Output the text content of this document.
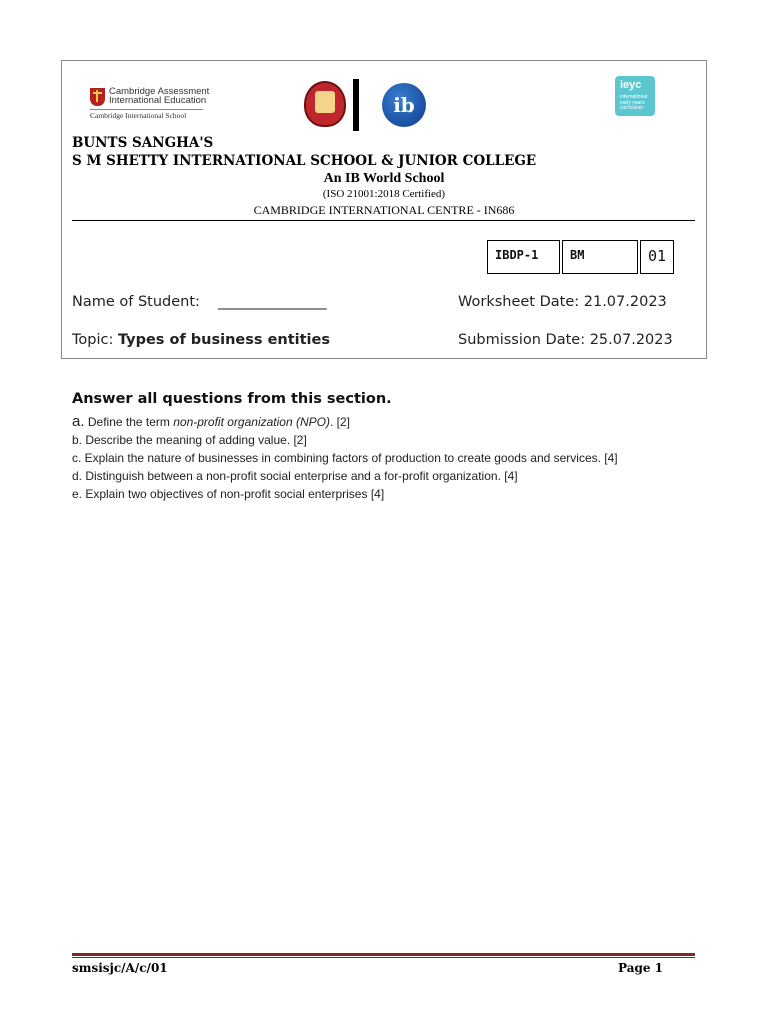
Cambridge Assessment
International Education
Cambridge International School	ib
ieyc
international early years curriculum
BUNTS SANGHA'S
S M SHETTY INTERNATIONAL SCHOOL & JUNIOR COLLEGE
An IB World School
(ISO 21001:2018 Certified)
CAMBRIDGE INTERNATIONAL CENTRE - IN686
IBDP-1	BM	01
Name of Student: _______________	Worksheet Date: 21.07.2023
Topic: Types of business entities	Submission Date: 25.07.2023
Answer all questions from this section.
a. Define the term non-profit organization (NPO). [2]
b. Describe the meaning of adding value. [2]
c. Explain the nature of businesses in combining factors of production to create goods and services. [4]
d. Distinguish between a non-profit social enterprise and a for-profit organization. [4]
e. Explain two objectives of non-profit social enterprises [4]
smsisjc/A/c/01	Page 1
